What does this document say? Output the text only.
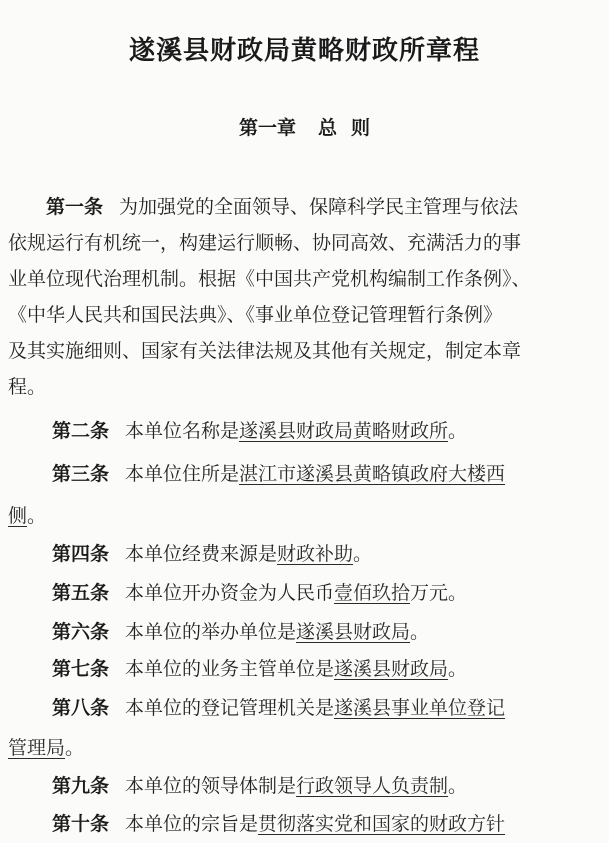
遂溪县财政局黄略财政所章程
第一章 总 则
第一条 为加强党的全面领导、保障科学民主管理与依法
依规运行有机统一，构建运行顺畅、协同高效、充满活力的事
业单位现代治理机制。根据《中国共产党机构编制工作条例》、
《中华人民共和国民法典》、《事业单位登记管理暂行条例》
及其实施细则、国家有关法律法规及其他有关规定，制定本章
程。
第二条 本单位名称是遂溪县财政局黄略财政所。
第三条 本单位住所是湛江市遂溪县黄略镇政府大楼西
侧。
第四条 本单位经费来源是财政补助。
第五条 本单位开办资金为人民币壹佰玖拾万元。
第六条 本单位的举办单位是遂溪县财政局。
第七条 本单位的业务主管单位是遂溪县财政局。
第八条 本单位的登记管理机关是遂溪县事业单位登记
管理局。
第九条 本单位的领导体制是行政领导人负责制。
第十条 本单位的宗旨是贯彻落实党和国家的财政方针
